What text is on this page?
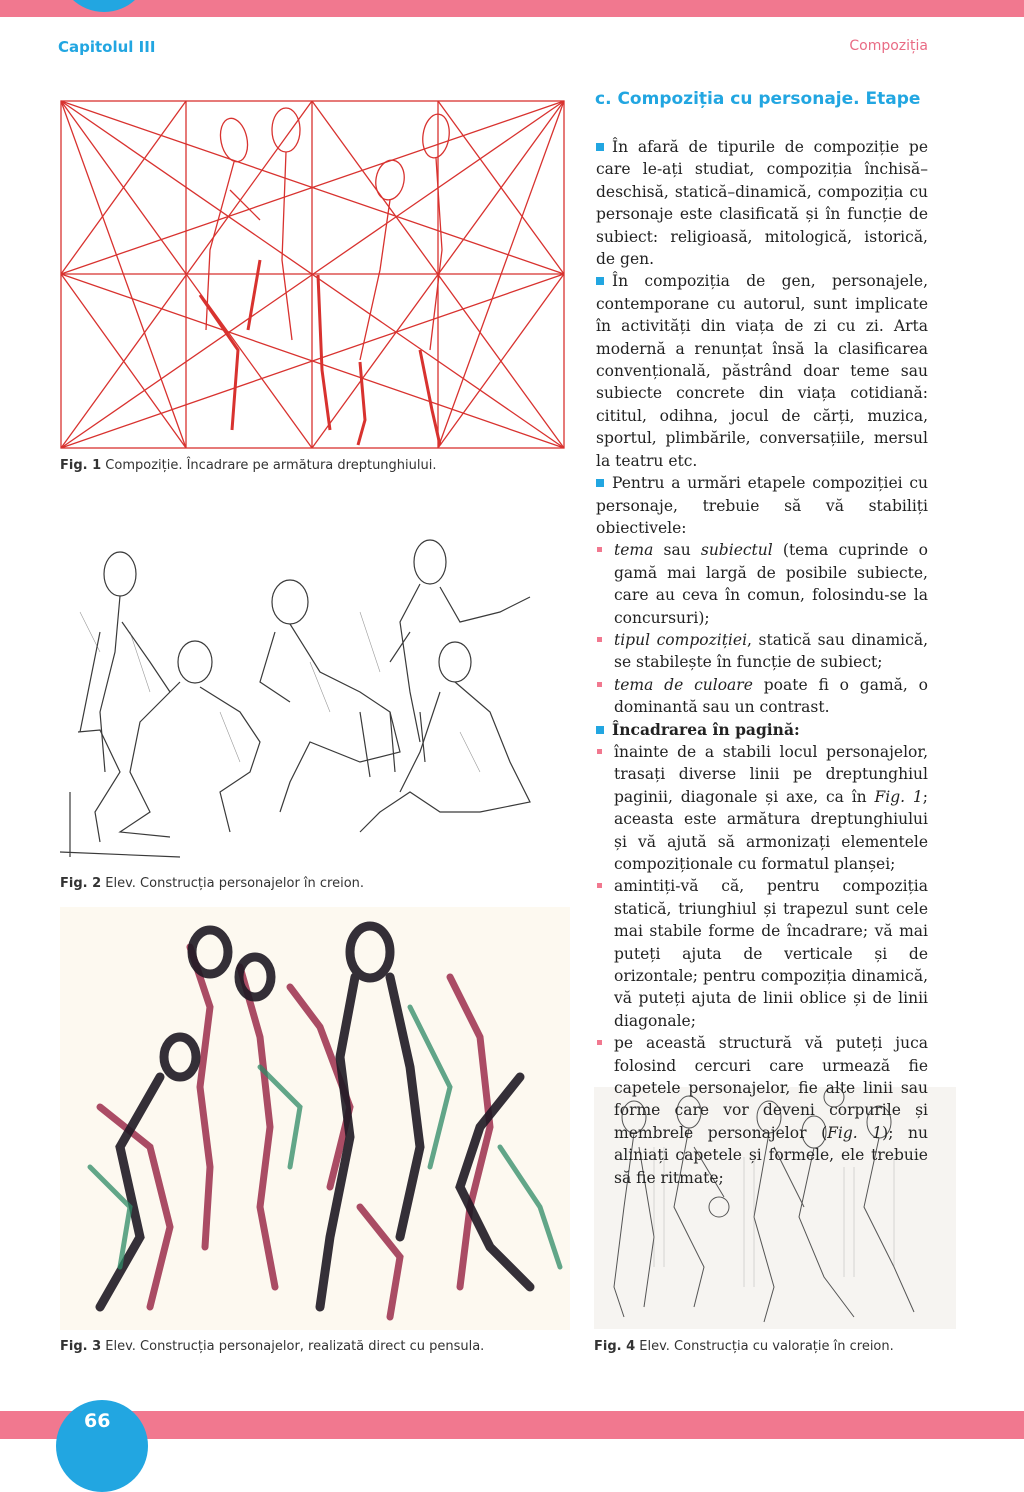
Capitolul III	Compoziția
Fig. 1 Compoziție. Încadrare pe armătura dreptunghiului.
Fig. 2 Elev. Construcția personajelor în creion.
Fig. 3 Elev. Construcția personajelor, realizată direct cu pensula.	Fig. 4 Elev. Construcția cu valorație în creion.
c. Compoziția cu personaje. Etape

În afară de tipurile de compoziție pe care le-ați studiat, compoziția închisă–deschisă, statică–dinamică, compoziția cu personaje este clasificată și în funcție de subiect: religioasă, mitologică, istorică, de gen.

În compoziția de gen, personajele, contemporane cu autorul, sunt implicate în activități din viața de zi cu zi. Arta modernă a renunțat însă la clasificarea convențională, păstrând doar teme sau subiecte concrete din viața cotidiană: cititul, odihna, jocul de cărți, muzica, sportul, plimbările, conversațiile, mersul la teatru etc.

Pentru a urmări etapele compoziției cu personaje, trebuie să vă stabiliți obiectivele:

tema sau subiectul (tema cuprinde o gamă mai largă de posibile subiecte, care au ceva în comun, folosindu-se la concursuri);

tipul compoziției, statică sau dinamică, se stabilește în funcție de subiect;

tema de culoare poate fi o gamă, o dominantă sau un contrast.

Încadrarea în pagină:

înainte de a stabili locul personajelor, trasați diverse linii pe dreptunghiul paginii, diagonale și axe, ca în Fig. 1; aceasta este armătura dreptunghiului și vă ajută să armonizați elementele compoziționale cu formatul planșei;

amintiți-vă că, pentru compoziția statică, triunghiul și trapezul sunt cele mai stabile forme de încadrare; vă mai puteți ajuta de verticale și de orizontale; pentru compoziția dinamică, vă puteți ajuta de linii oblice și de linii diagonale;

pe această structură vă puteți juca folosind cercuri care urmează fie capetele personajelor, fie alte linii sau forme care vor deveni corpurile și membrele personajelor (Fig. 1); nu aliniați capetele și formele, ele trebuie să fie ritmate;

66
